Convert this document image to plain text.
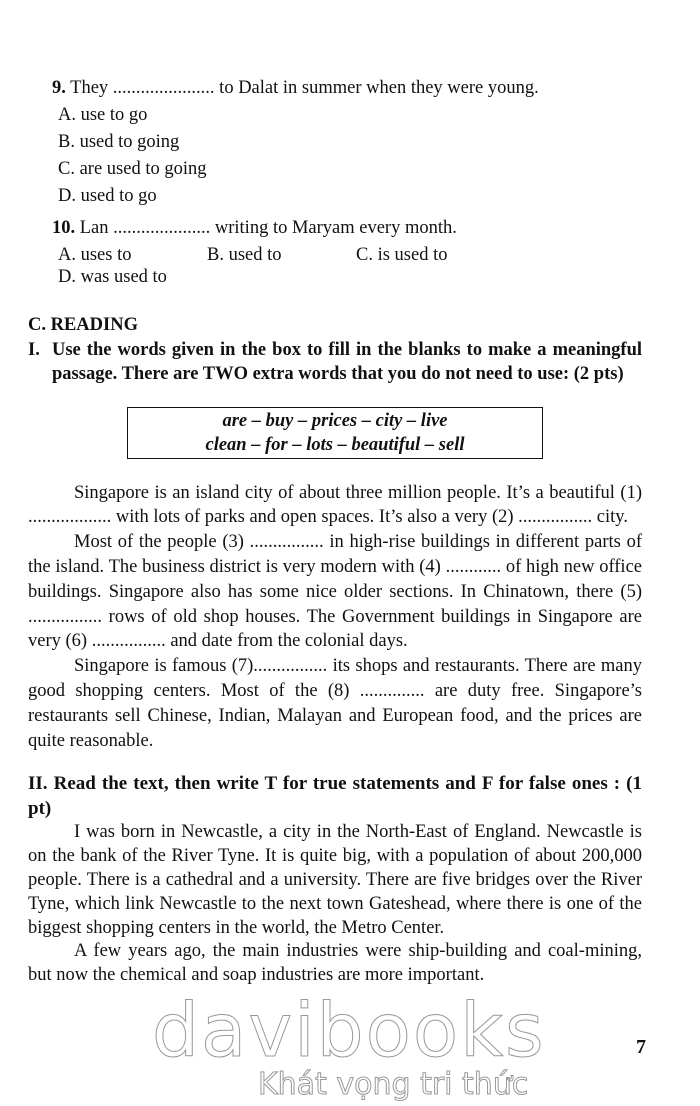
9. They ...................... to Dalat in summer when they were young.
A. use to go
B. used to going
C. are used to going
D. used to go
10. Lan ..................... writing to Maryam every month.
A. uses to	B. used to	C. is used to
D. was used to
C. READING
I. Use the words given in the box to fill in the blanks to make a meaningful passage. There are TWO extra words that you do not need to use: (2 pts)
are – buy – prices – city – live
clean – for – lots – beautiful – sell

Singapore is an island city of about three million people. It’s a beautiful (1) .................. with lots of parks and open spaces. It’s also a very (2) ................ city.

Most of the people (3) ................ in high-rise buildings in different parts of the island. The business district is very modern with (4) ............ of high new office buildings. Singapore also has some nice older sections. In Chinatown, there (5) ................ rows of old shop houses. The Government buildings in Singapore are very (6) ................ and date from the colonial days.

Singapore is famous (7)................ its shops and restaurants. There are many good shopping centers. Most of the (8) .............. are duty free. Singapore’s restaurants sell Chinese, Indian, Malayan and European food, and the prices are quite reasonable.

II. Read the text, then write T for true statements and F for false ones : (1 pt)

I was born in Newcastle, a city in the North-East of England. Newcastle is on the bank of the River Tyne. It is quite big, with a population of about 200,000 people. There is a cathedral and a university. There are five bridges over the River Tyne, which link Newcastle to the next town Gateshead, where there is one of the biggest shopping centers in the world, the Metro Center.

A few years ago, the main industries were ship-building and coal-mining, but now the chemical and soap industries are more important.

davibooks
Khát vọng tri thức
7
